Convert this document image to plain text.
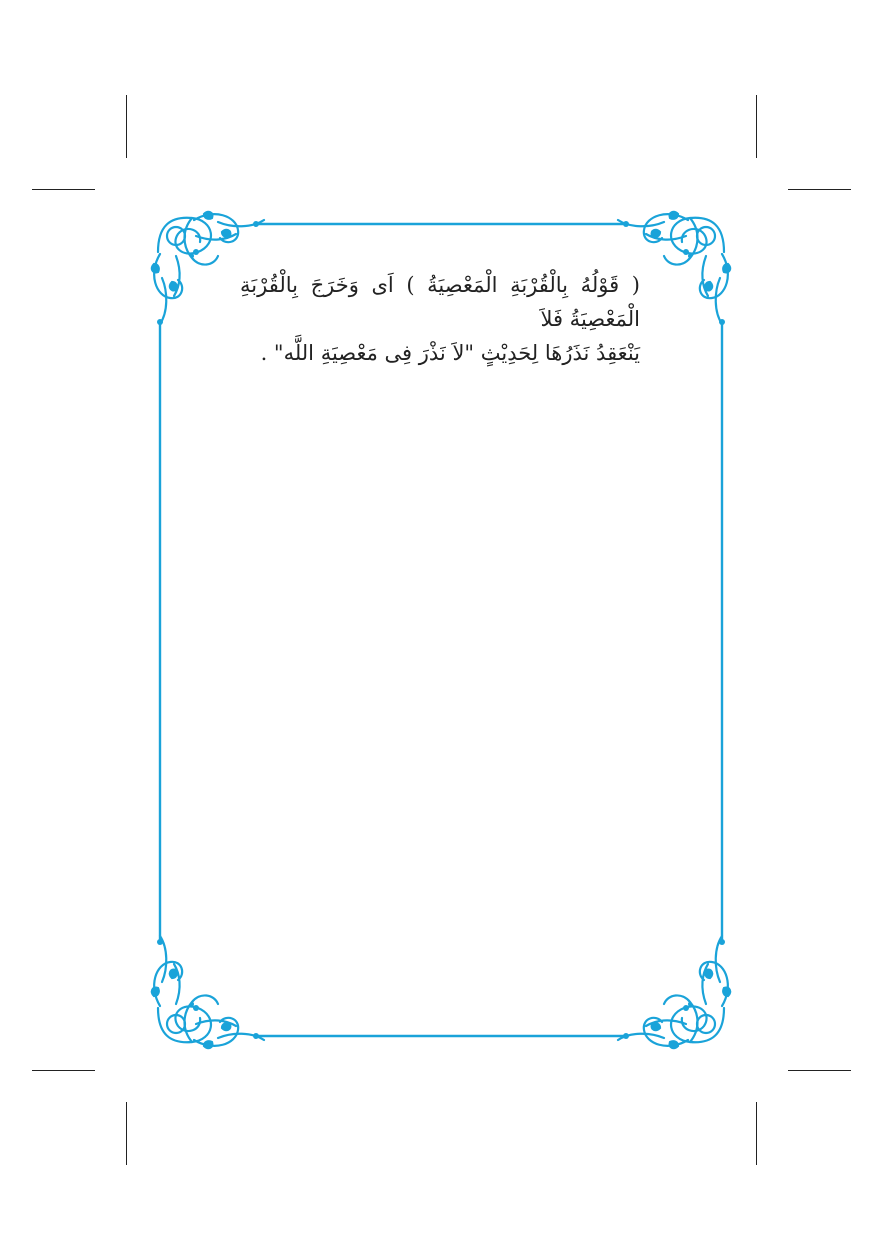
( قَوْلُهُ بِالْقُرْبَةِ الْمَعْصِيَةُ ) اَى وَخَرَجَ بِالْقُرْبَةِ الْمَعْصِيَةُ فَلاَ

يَنْعَقِدُ نَذَرُهَا لِحَدِيْثٍ "لاَ نَذْرَ فِى مَعْصِيَةِ اللَّه" .
